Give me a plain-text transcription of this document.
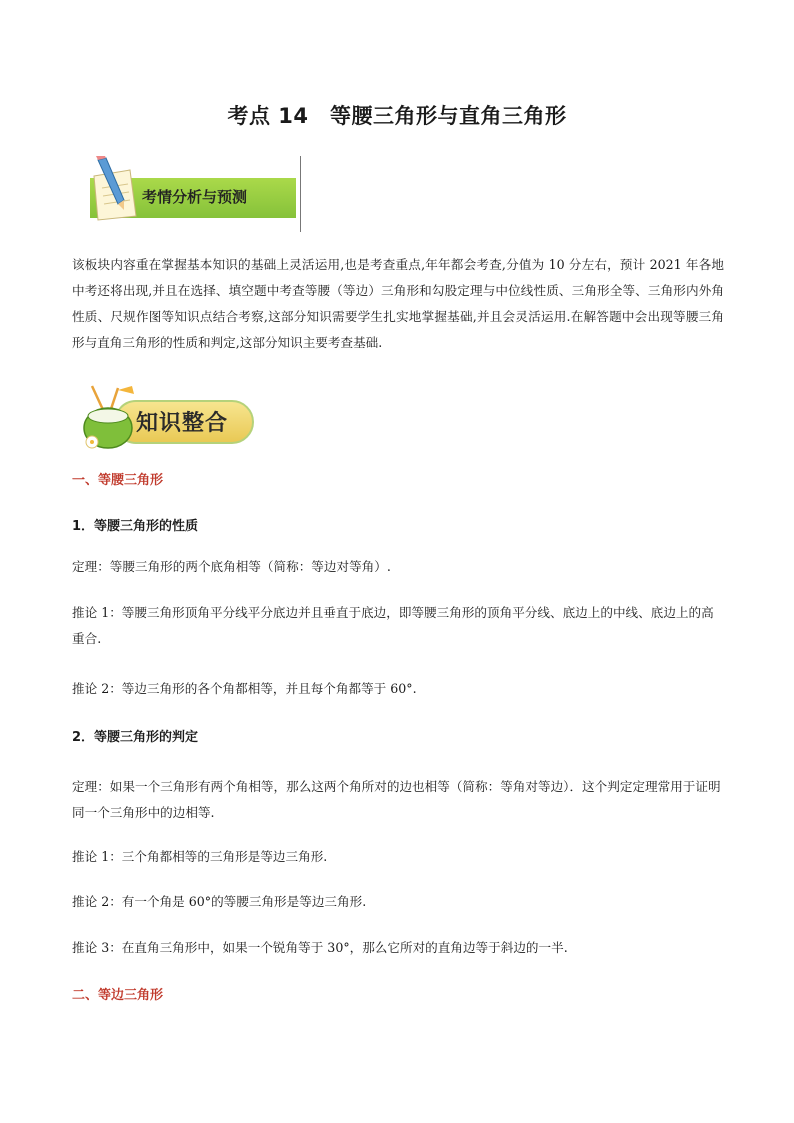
考点 14　等腰三角形与直角三角形
考情分析与预测
该板块内容重在掌握基本知识的基础上灵活运用,也是考查重点,年年都会考查,分值为 10 分左右，预计 2021 年各地中考还将出现,并且在选择、填空题中考查等腰（等边）三角形和勾股定理与中位线性质、三角形全等、三角形内外角性质、尺规作图等知识点结合考察,这部分知识需要学生扎实地掌握基础,并且会灵活运用.在解答题中会出现等腰三角形与直角三角形的性质和判定,这部分知识主要考查基础.
知识整合
一、等腰三角形
1．等腰三角形的性质
定理：等腰三角形的两个底角相等（简称：等边对等角）.
推论 1：等腰三角形顶角平分线平分底边并且垂直于底边，即等腰三角形的顶角平分线、底边上的中线、底边上的高重合.
推论 2：等边三角形的各个角都相等，并且每个角都等于 60°.
2．等腰三角形的判定
定理：如果一个三角形有两个角相等，那么这两个角所对的边也相等（简称：等角对等边）．这个判定定理常用于证明同一个三角形中的边相等.
推论 1：三个角都相等的三角形是等边三角形.
推论 2：有一个角是 60°的等腰三角形是等边三角形.
推论 3：在直角三角形中，如果一个锐角等于 30°，那么它所对的直角边等于斜边的一半.
二、等边三角形
